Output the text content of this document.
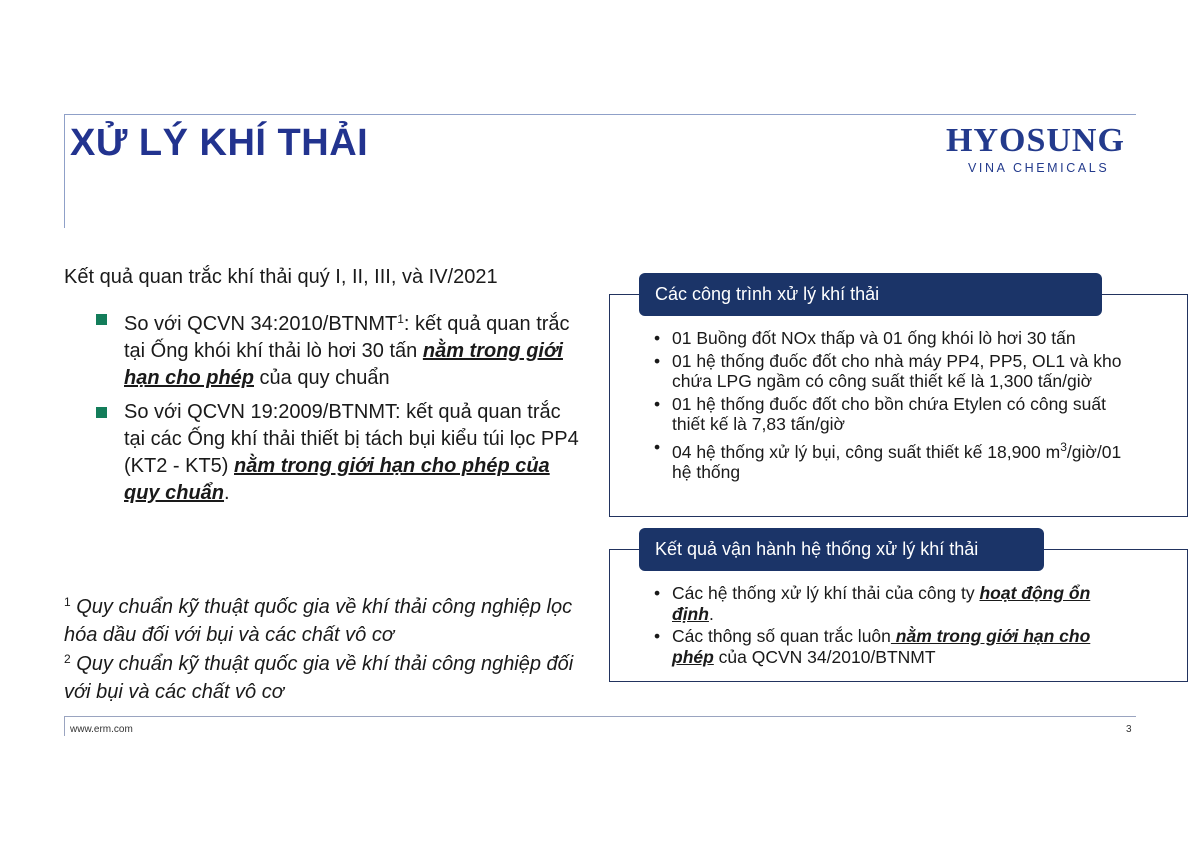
XỬ LÝ KHÍ THẢI	HYOSUNG
VINA CHEMICALS
Kết quả quan trắc khí thải quý I, II, III, và IV/2021
So với QCVN 34:2010/BTNMT$^1$: kết quả quan trắc tại Ống khói khí thải lò hơi 30 tấn nằm trong giới hạn cho phép của quy chuẩn
So với QCVN 19:2009/BTNMT: kết quả quan trắc tại các Ống khí thải thiết bị tách bụi kiểu túi lọc PP4 (KT2 - KT5) nằm trong giới hạn cho phép của quy chuẩn.
$^1$ Quy chuẩn kỹ thuật quốc gia về khí thải công nghiệp lọc hóa dầu đối với bụi và các chất vô cơ
$^2$ Quy chuẩn kỹ thuật quốc gia về khí thải công nghiệp đối với bụi và các chất vô cơ
Các công trình xử lý khí thải
• 01 Buồng đốt NOx thấp và 01 ống khói lò hơi 30 tấn
• 01 hệ thống đuốc đốt cho nhà máy PP4, PP5, OL1 và kho chứa LPG ngầm có công suất thiết kế là 1,300 tấn/giờ
• 01 hệ thống đuốc đốt cho bồn chứa Etylen có công suất thiết kế là 7,83 tấn/giờ
• 04 hệ thống xử lý bụi, công suất thiết kế 18,900 $m^3/giờ/01$ hệ thống
Kết quả vận hành hệ thống xử lý khí thải
• Các hệ thống xử lý khí thải của công ty hoạt động ổn định.
• Các thông số quan trắc luôn nằm trong giới hạn cho phép của QCVN 34/2010/BTNMT
www.erm.com	3
